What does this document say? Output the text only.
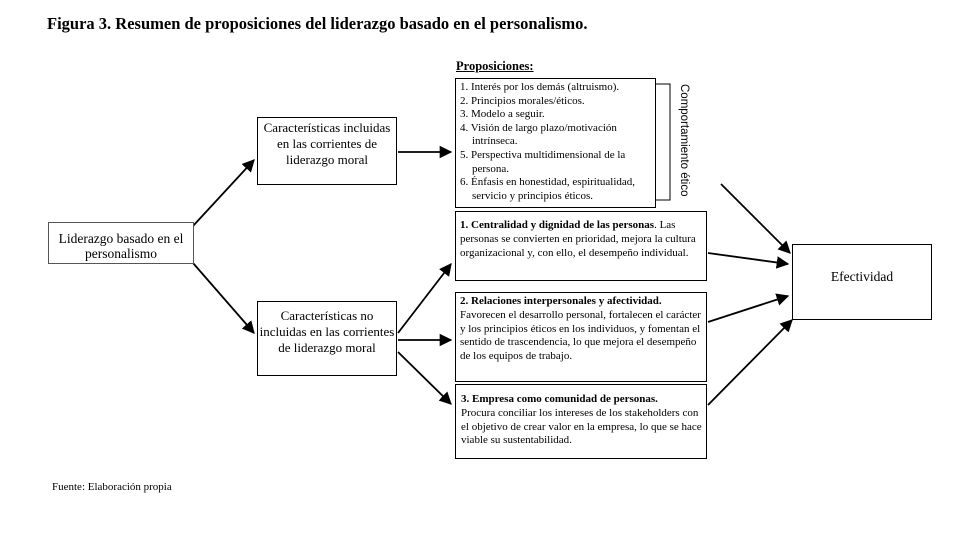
Figura 3. Resumen de proposiciones del liderazgo basado en el personalismo.
Proposiciones:
Liderazgo basado en el personalismo
Características incluidas en las corrientes de liderazgo moral
Características no incluidas en las corrientes de liderazgo moral
1. Interés por los demás (altruismo).
2. Principios morales/éticos.
3. Modelo a seguir.
4. Visión de largo plazo/motivación intrínseca.
5. Perspectiva multidimensional de la persona.
6. Énfasis en honestidad, espiritualidad, servicio y principios éticos.	Comportamiento ético
1. Centralidad y dignidad de las personas. Las personas se convierten en prioridad, mejora la cultura organizacional y, con ello, el desempeño individual.
2. Relaciones interpersonales y afectividad.
Favorecen el desarrollo personal, fortalecen el carácter y los principios éticos en los individuos, y fomentan el sentido de trascendencia, lo que mejora el desempeño de los equipos de trabajo.
3. Empresa como comunidad de personas.
Procura conciliar los intereses de los stakeholders con el objetivo de crear valor en la empresa, lo que se hace viable su sustentabilidad.
Efectividad
Fuente: Elaboración propia
